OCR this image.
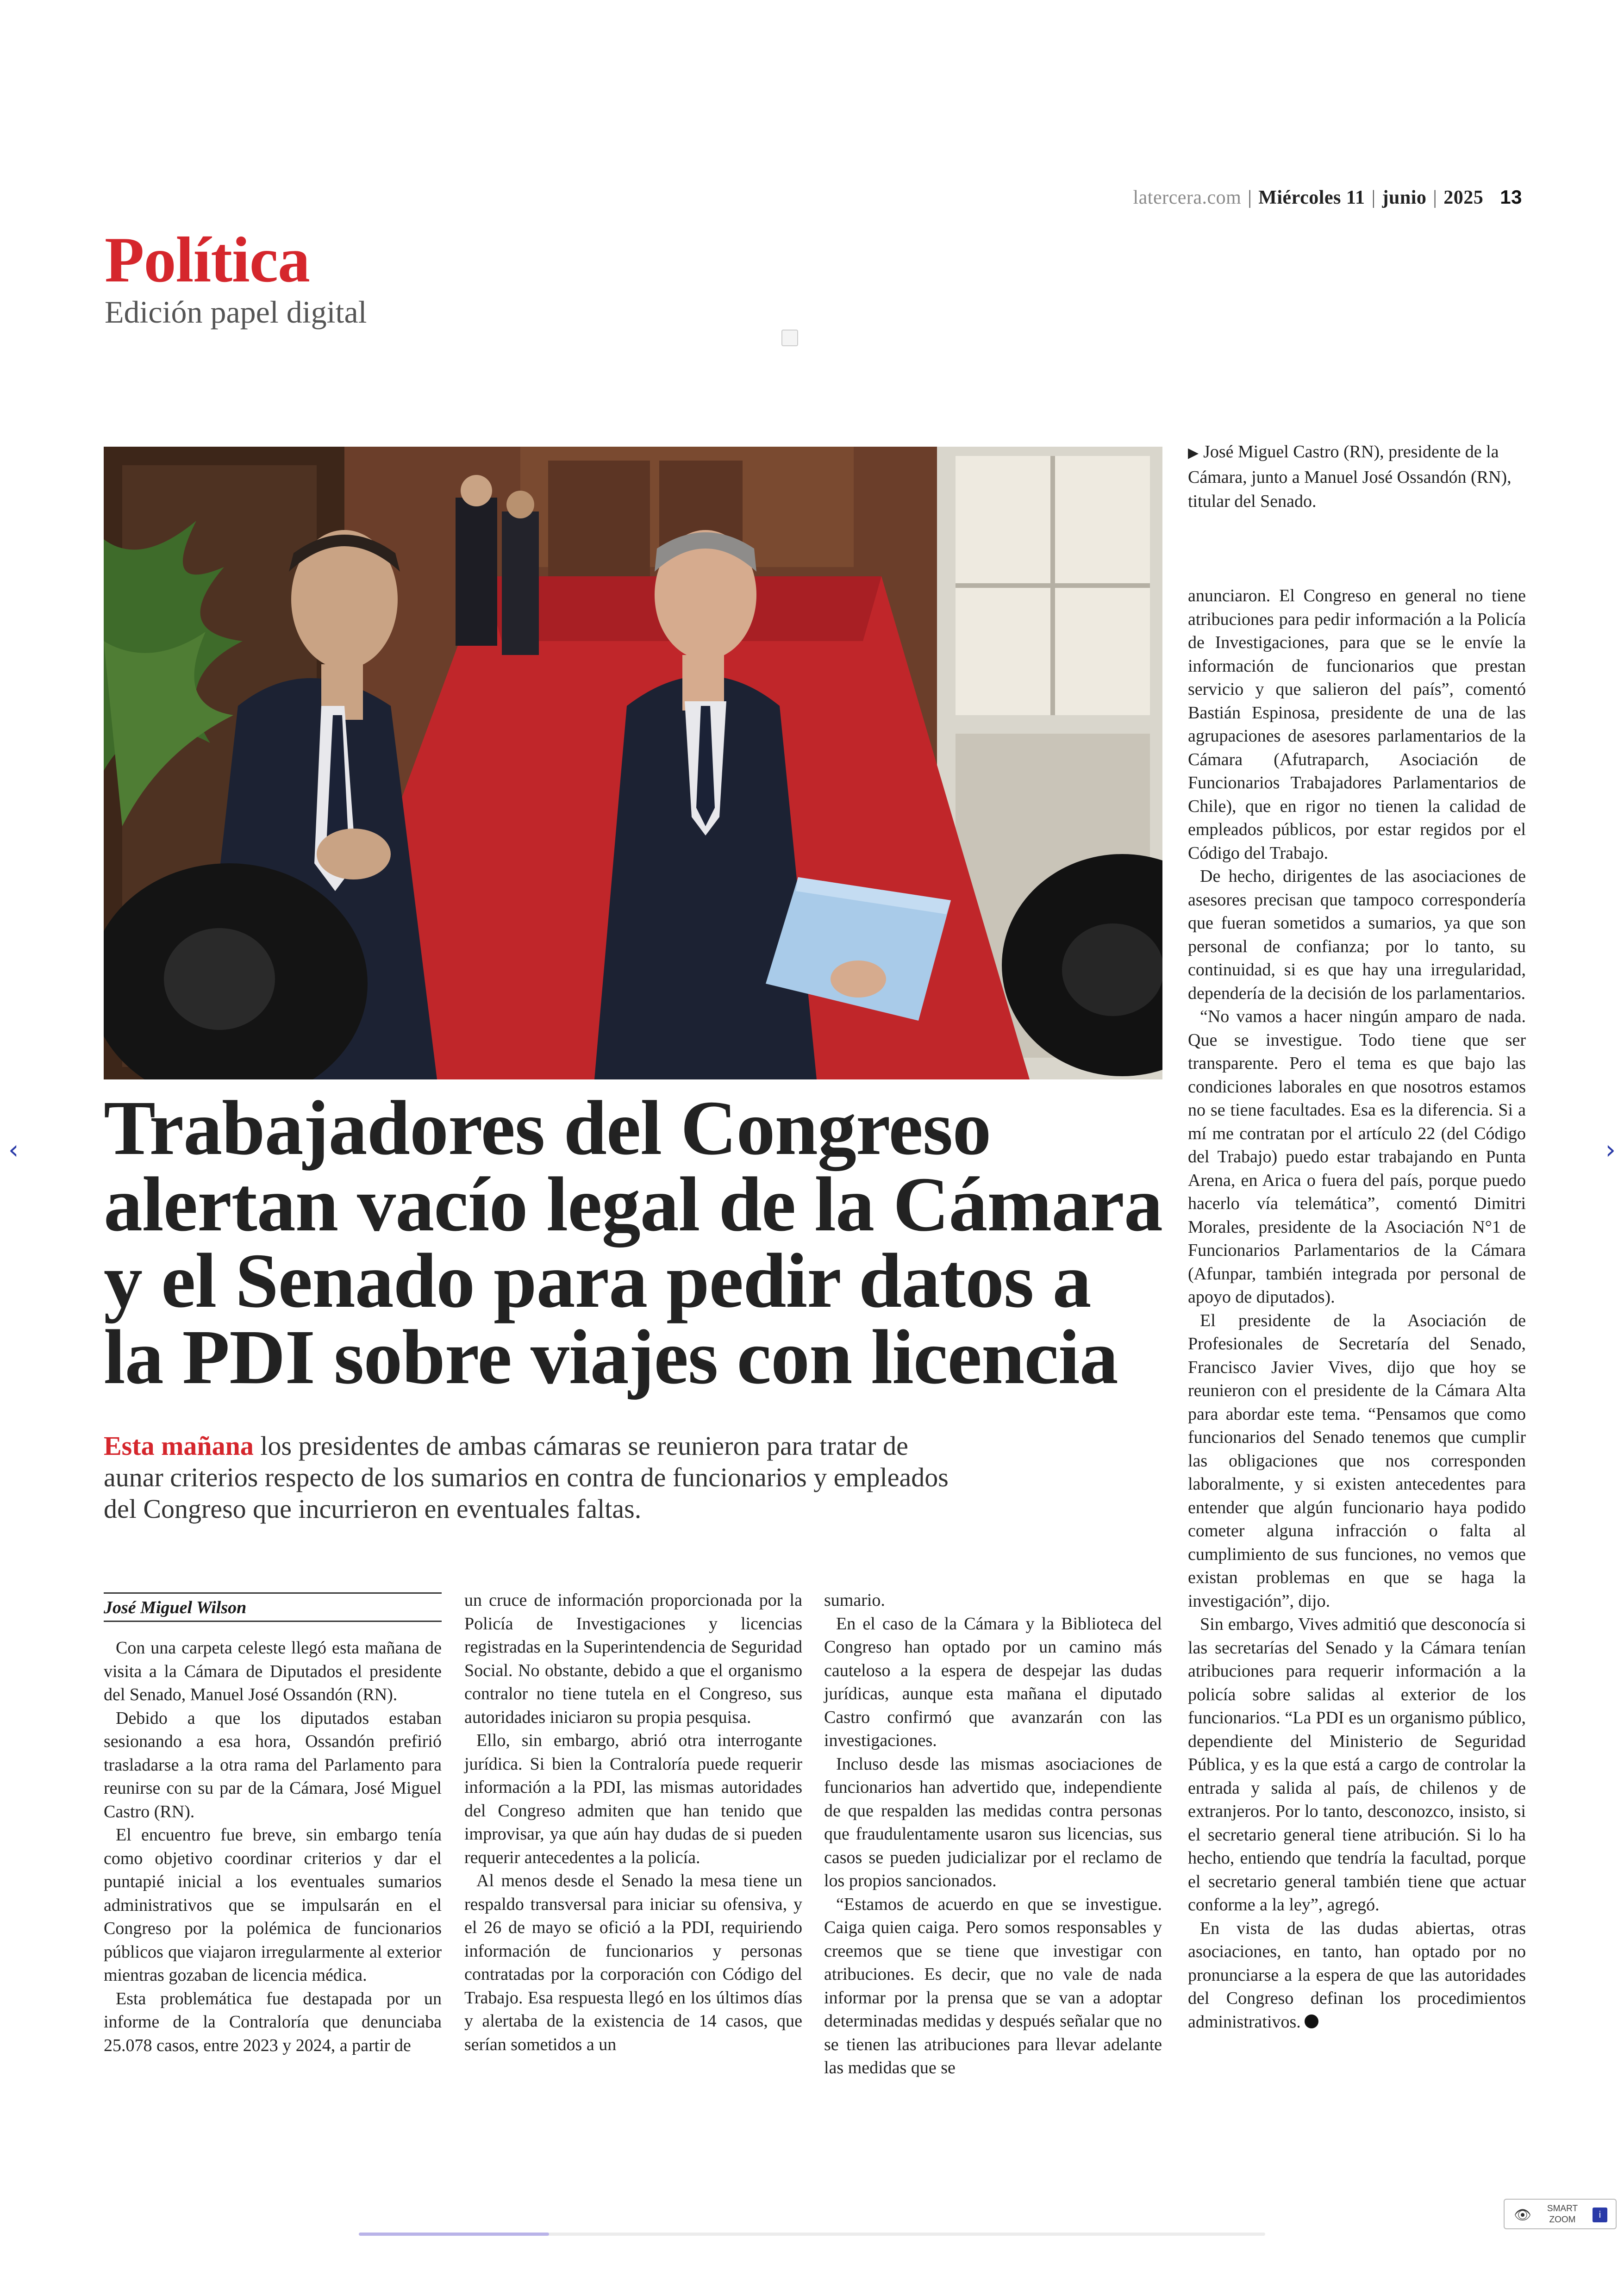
latercera.com | Miércoles 11 | junio | 2025 13
Política
Edición papel digital
▶ José Miguel Castro (RN), presidente de la Cámara, junto a Manuel José Ossandón (RN), titular del Senado.
Trabajadores del Congreso alertan vacío legal de la Cámara y el Senado para pedir datos a la PDI sobre viajes con licencia
Esta mañana los presidentes de ambas cámaras se reunieron para tratar de aunar criterios respecto de los sumarios en contra de funcionarios y empleados del Congreso que incurrieron en eventuales faltas.
José Miguel Wilson

Con una carpeta celeste llegó esta mañana de visita a la Cámara de Diputados el presidente del Senado, Manuel José Ossandón (RN).

Debido a que los diputados estaban sesionando a esa hora, Ossandón prefirió trasladarse a la otra rama del Parlamento para reunirse con su par de la Cámara, José Miguel Castro (RN).

El encuentro fue breve, sin embargo tenía como objetivo coordinar criterios y dar el puntapié inicial a los eventuales sumarios administrativos que se impulsarán en el Congreso por la polémica de funcionarios públicos que viajaron irregularmente al exterior mientras gozaban de licencia médica.

Esta problemática fue destapada por un informe de la Contraloría que denunciaba 25.078 casos, entre 2023 y 2024, a partir de

un cruce de información proporcionada por la Policía de Investigaciones y licencias registradas en la Superintendencia de Seguridad Social. No obstante, debido a que el organismo contralor no tiene tutela en el Congreso, sus autoridades iniciaron su propia pesquisa.

Ello, sin embargo, abrió otra interrogante jurídica. Si bien la Contraloría puede requerir información a la PDI, las mismas autoridades del Congreso admiten que han tenido que improvisar, ya que aún hay dudas de si pueden requerir antecedentes a la policía.

Al menos desde el Senado la mesa tiene un respaldo transversal para iniciar su ofensiva, y el 26 de mayo se ofició a la PDI, requiriendo información de funcionarios y personas contratadas por la corporación con Código del Trabajo. Esa respuesta llegó en los últimos días y alertaba de la existencia de 14 casos, que serían sometidos a un

sumario.

En el caso de la Cámara y la Biblioteca del Congreso han optado por un camino más cauteloso a la espera de despejar las dudas jurídicas, aunque esta mañana el diputado Castro confirmó que avanzarán con las investigaciones.

Incluso desde las mismas asociaciones de funcionarios han advertido que, independiente de que respalden las medidas contra personas que fraudulentamente usaron sus licencias, sus casos se pueden judicializar por el reclamo de los propios sancionados.

“Estamos de acuerdo en que se investigue. Caiga quien caiga. Pero somos responsables y creemos que se tiene que investigar con atribuciones. Es decir, que no vale de nada informar por la prensa que se van a adoptar determinadas medidas y después señalar que no se tienen las atribuciones para llevar adelante las medidas que se

anunciaron. El Congreso en general no tiene atribuciones para pedir información a la Policía de Investigaciones, para que se le envíe la información de funcionarios que prestan servicio y que salieron del país”, comentó Bastián Espinosa, presidente de una de las agrupaciones de asesores parlamentarios de la Cámara (Afutraparch, Asociación de Funcionarios Trabajadores Parlamentarios de Chile), que en rigor no tienen la calidad de empleados públicos, por estar regidos por el Código del Trabajo.

De hecho, dirigentes de las asociaciones de asesores precisan que tampoco correspondería que fueran sometidos a sumarios, ya que son personal de confianza; por lo tanto, su continuidad, si es que hay una irregularidad, dependería de la decisión de los parlamentarios.

“No vamos a hacer ningún amparo de nada. Que se investigue. Todo tiene que ser transparente. Pero el tema es que bajo las condiciones laborales en que nosotros estamos no se tiene facultades. Esa es la diferencia. Si a mí me contratan por el artículo 22 (del Código del Trabajo) puedo estar trabajando en Punta Arena, en Arica o fuera del país, porque puedo hacerlo vía telemática”, comentó Dimitri Morales, presidente de la Asociación N°1 de Funcionarios Parlamentarios de la Cámara (Afunpar, también integrada por personal de apoyo de diputados).

El presidente de la Asociación de Profesionales de Secretaría del Senado, Francisco Javier Vives, dijo que hoy se reunieron con el presidente de la Cámara Alta para abordar este tema. “Pensamos que como funcionarios del Senado tenemos que cumplir las obligaciones que nos corresponden laboralmente, y si existen antecedentes para entender que algún funcionario haya podido cometer alguna infracción o falta al cumplimiento de sus funciones, no vemos que existan problemas en que se haga la investigación”, dijo.

Sin embargo, Vives admitió que desconocía si las secretarías del Senado y la Cámara tenían atribuciones para requerir información a la policía sobre salidas al exterior de los funcionarios. “La PDI es un organismo público, dependiente del Ministerio de Seguridad Pública, y es la que está a cargo de controlar la entrada y salida al país, de chilenos y de extranjeros. Por lo tanto, desconozco, insisto, si el secretario general tiene atribución. Si lo ha hecho, entiendo que tendría la facultad, porque el secretario general también tiene que actuar conforme a la ley”, agregó.

En vista de las dudas abiertas, otras asociaciones, en tanto, han optado por no pronunciarse a la espera de que las autoridades del Congreso definan los procedimientos administrativos.

‹	›
👁	SMART ZOOM	i
